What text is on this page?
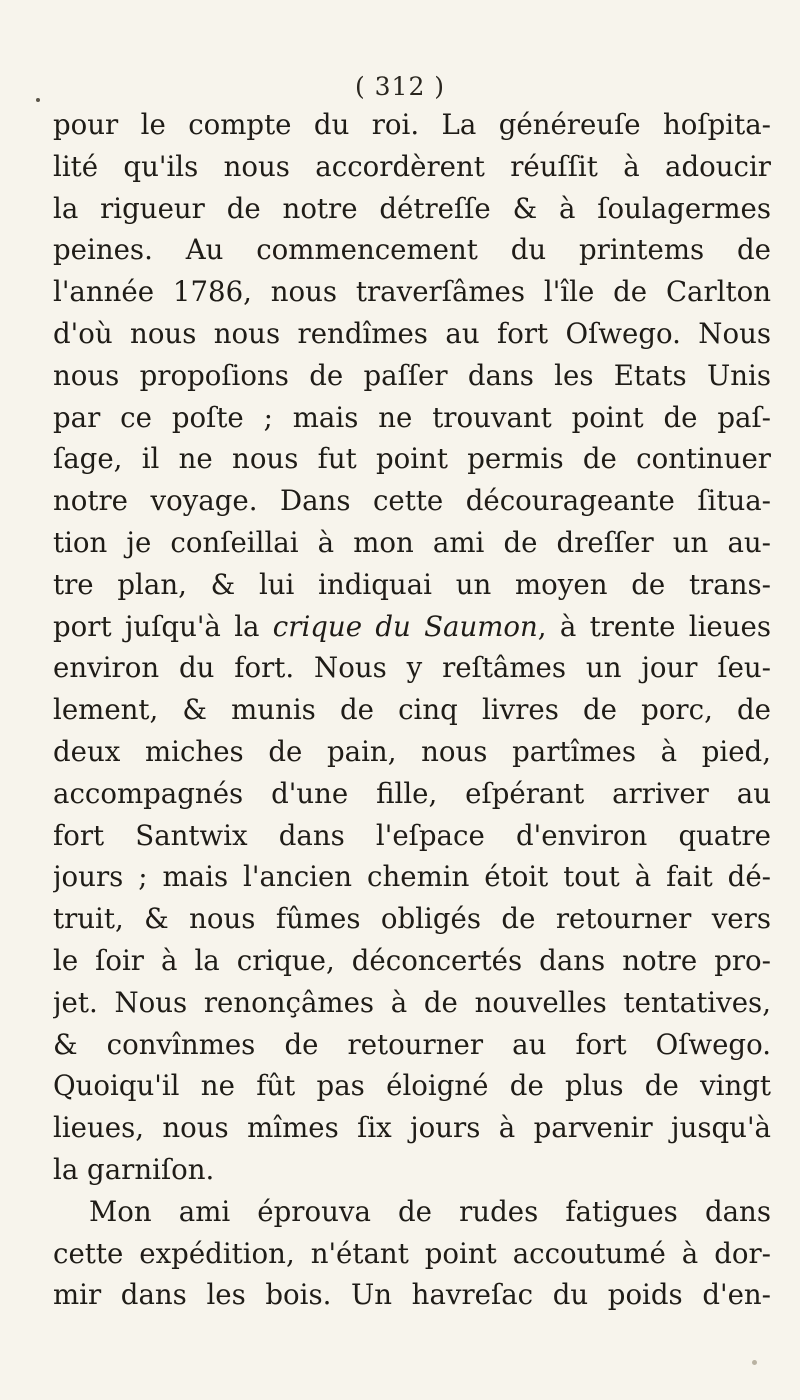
( 312 )
pour le compte du roi. La généreuſe hoſpita-
lité qu'ils nous accordèrent réuſſit à adoucir
la rigueur de notre détreſſe & à ſoulagermes
peines. Au commencement du printems de
l'année 1786, nous traverſâmes l'île de Carlton
d'où nous nous rendîmes au fort Oſwego. Nous
nous propoſions de paſſer dans les Etats Unis
par ce poſte ; mais ne trouvant point de paſ-
ſage, il ne nous fut point permis de continuer
notre voyage. Dans cette décourageante ſitua-
tion je conſeillai à mon ami de dreſſer un au-
tre plan, & lui indiquai un moyen de trans-
port juſqu'à la crique du Saumon, à trente lieues
environ du fort. Nous y reſtâmes un jour ſeu-
lement, & munis de cinq livres de porc, de
deux miches de pain, nous partîmes à pied,
accompagnés d'une fille, eſpérant arriver au
fort Santwix dans l'eſpace d'environ quatre
jours ; mais l'ancien chemin étoit tout à fait dé-
truit, & nous fûmes obligés de retourner vers
le ſoir à la crique, déconcertés dans notre pro-
jet. Nous renonçâmes à de nouvelles tentatives,
& convînmes de retourner au fort Oſwego.
Quoiqu'il ne fût pas éloigné de plus de vingt
lieues, nous mîmes ſix jours à parvenir jusqu'à
la garniſon.
Mon ami éprouva de rudes fatigues dans
cette expédition, n'étant point accoutumé à dor-
mir dans les bois. Un havreſac du poids d'en-
